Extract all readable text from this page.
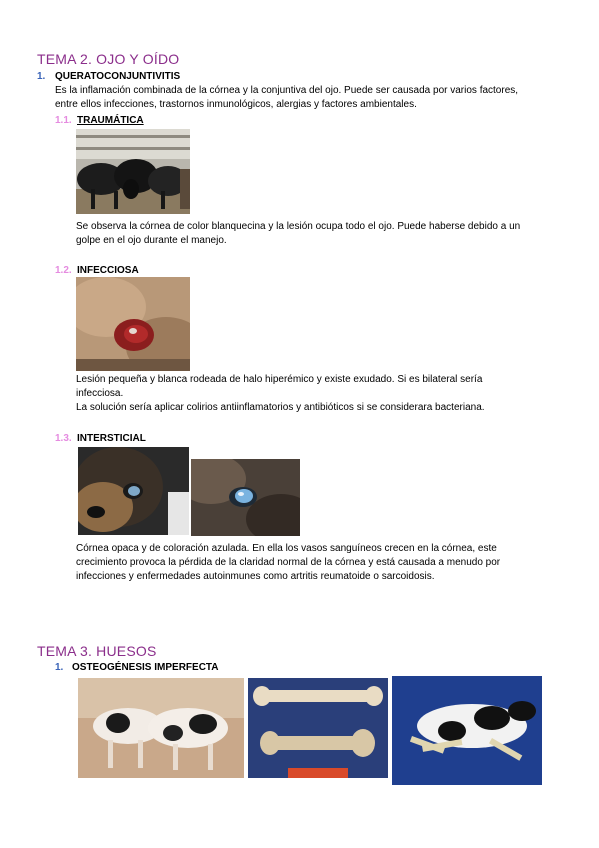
TEMA 2. OJO Y OÍDO
1. QUERATOCONJUNTIVITIS
Es la inflamación combinada de la córnea y la conjuntiva del ojo. Puede ser causada por varios factores,
entre ellos infecciones, trastornos inmunológicos, alergias y factores ambientales.
1.1. TRAUMÁTICA
Se observa la córnea de color blanquecina y la lesión ocupa todo el ojo. Puede haberse debido a un
golpe en el ojo durante el manejo.
1.2. INFECCIOSA
Lesión pequeña y blanca rodeada de halo hiperémico y existe exudado. Si es bilateral sería
infecciosa.
La solución sería aplicar colirios antiinflamatorios y antibióticos si se considerara bacteriana.
1.3. INTERSTICIAL
Córnea opaca y de coloración azulada. En ella los vasos sanguíneos crecen en la córnea, este
crecimiento provoca la pérdida de la claridad normal de la córnea y está causada a menudo por
infecciones y enfermedades autoinmunes como artritis reumatoide o sarcoidosis.
TEMA 3. HUESOS
1. OSTEOGÉNESIS IMPERFECTA
